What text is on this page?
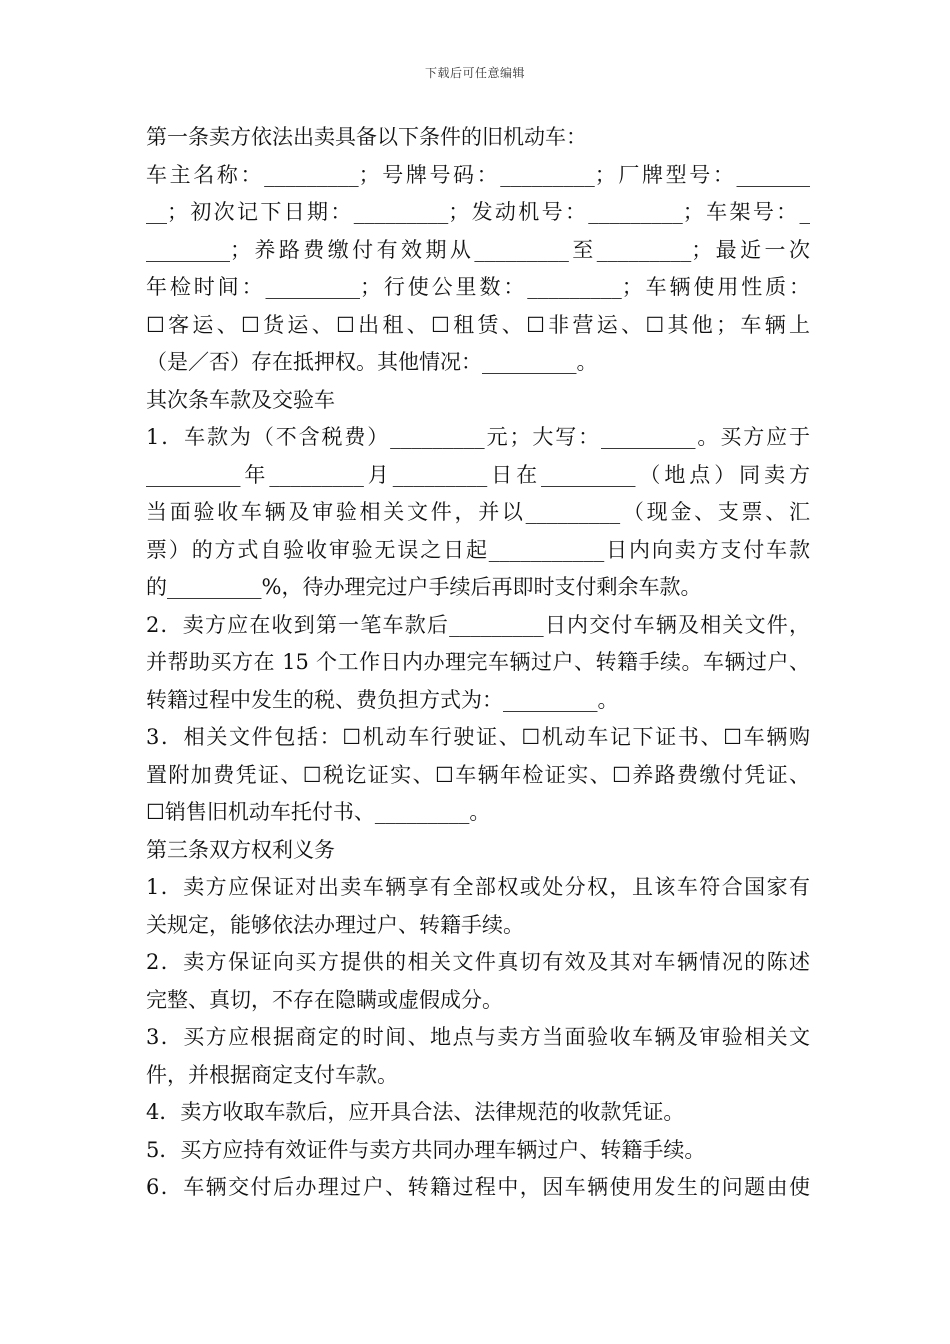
下载后可任意编辑
第一条卖方依法出卖具备以下条件的旧机动车：
车主名称：_________；号牌号码：_________；厂牌型号：_______
__；初次记下日期：_________；发动机号：_________；车架号：_
________；养路费缴付有效期从_________至_________；最近一次
年检时间：_________；行使公里数：_________；车辆使用性质：
☐客运、☐货运、☐出租、☐租赁、☐非营运、☐其他；车辆上
（是／否）存在抵押权。其他情况：_________。
其次条车款及交验车
1．车款为（不含税费）_________元；大写：_________。买方应于
_________年_________月_________日在_________（地点）同卖方
当面验收车辆及审验相关文件，并以_________（现金、支票、汇
票）的方式自验收审验无误之日起___________日内向卖方支付车款
的_________%，待办理完过户手续后再即时支付剩余车款。
2．卖方应在收到第一笔车款后_________日内交付车辆及相关文件，
并帮助买方在 15 个工作日内办理完车辆过户、转籍手续。车辆过户、
转籍过程中发生的税、费负担方式为：_________。
3．相关文件包括：☐机动车行驶证、☐机动车记下证书、☐车辆购
置附加费凭证、☐税讫证实、☐车辆年检证实、☐养路费缴付凭证、
☐销售旧机动车托付书、_________。
第三条双方权利义务
1．卖方应保证对出卖车辆享有全部权或处分权，且该车符合国家有
关规定，能够依法办理过户、转籍手续。
2．卖方保证向买方提供的相关文件真切有效及其对车辆情况的陈述
完整、真切，不存在隐瞒或虚假成分。
3．买方应根据商定的时间、地点与卖方当面验收车辆及审验相关文
件，并根据商定支付车款。
4．卖方收取车款后，应开具合法、法律规范的收款凭证。
5．买方应持有效证件与卖方共同办理车辆过户、转籍手续。
6．车辆交付后办理过户、转籍过程中，因车辆使用发生的问题由使
